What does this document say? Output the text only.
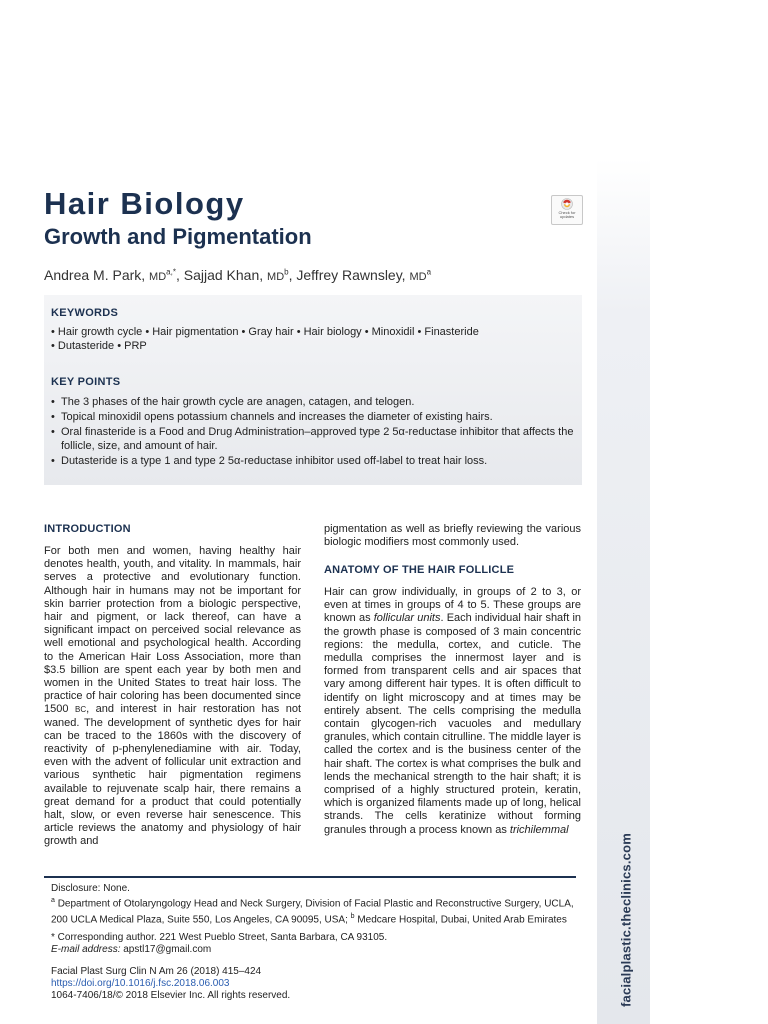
facialplastic.theclinics.com
Hair Biology
Growth and Pigmentation
Check for updates
Andrea M. Park, $MD^{a,*}$, Sajjad Khan, $MD^b$, Jeffrey Rawnsley, $MD^a$
KEYWORDS
• Hair growth cycle • Hair pigmentation • Gray hair • Hair biology • Minoxidil • Finasteride
• Dutasteride • PRP
KEY POINTS
• The 3 phases of the hair growth cycle are anagen, catagen, and telogen.
• Topical minoxidil opens potassium channels and increases the diameter of existing hairs.
• Oral finasteride is a Food and Drug Administration–approved type 2 5α-reductase inhibitor that affects the follicle, size, and amount of hair.
• Dutasteride is a type 1 and type 2 5α-reductase inhibitor used off-label to treat hair loss.
INTRODUCTION

For both men and women, having healthy hair denotes health, youth, and vitality. In mammals, hair serves a protective and evolutionary function. Although hair in humans may not be important for skin barrier protection from a biologic perspective, hair and pigment, or lack thereof, can have a significant impact on perceived social relevance as well emotional and psychological health. According to the American Hair Loss Association, more than $3.5 billion are spent each year by both men and women in the United States to treat hair loss. The practice of hair coloring has been documented since 1500 BC, and interest in hair restoration has not waned. The development of synthetic dyes for hair can be traced to the 1860s with the discovery of reactivity of p-phenylenediamine with air. Today, even with the advent of follicular unit extraction and various synthetic hair pigmentation regimens available to rejuvenate scalp hair, there remains a great demand for a product that could potentially halt, slow, or even reverse hair senescence. This article reviews the anatomy and physiology of hair growth and

pigmentation as well as briefly reviewing the various biologic modifiers most commonly used.

ANATOMY OF THE HAIR FOLLICLE

Hair can grow individually, in groups of 2 to 3, or even at times in groups of 4 to 5. These groups are known as follicular units. Each individual hair shaft in the growth phase is composed of 3 main concentric regions: the medulla, cortex, and cuticle. The medulla comprises the innermost layer and is formed from transparent cells and air spaces that vary among different hair types. It is often difficult to identify on light microscopy and at times may be entirely absent. The cells comprising the medulla contain glycogen-rich vacuoles and medullary granules, which contain citrulline. The middle layer is called the cortex and is the business center of the hair shaft. The cortex is what comprises the bulk and lends the mechanical strength to the hair shaft; it is comprised of a highly structured protein, keratin, which is organized filaments made up of long, helical strands. The cells keratinize without forming granules through a process known as trichilemmal

Disclosure: None.

$^a$ Department of Otolaryngology Head and Neck Surgery, Division of Facial Plastic and Reconstructive Surgery, UCLA, 200 UCLA Medical Plaza, Suite 550, Los Angeles, CA 90095, USA; $^b$ Medcare Hospital, Dubai, United Arab Emirates

* Corresponding author. 221 West Pueblo Street, Santa Barbara, CA 93105.

E-mail address: apstl17@gmail.com

Facial Plast Surg Clin N Am 26 (2018) 415–424

https://doi.org/10.1016/j.fsc.2018.06.003

1064-7406/18/© 2018 Elsevier Inc. All rights reserved.
